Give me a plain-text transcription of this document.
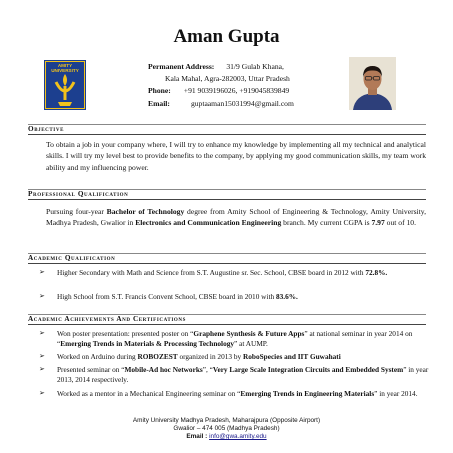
Aman Gupta
AMITY UNIVERSITY	Permanent Address: 31/9 Gulab Khana,
Kala Mahal, Agra-282003, Uttar Pradesh
Phone: +91 9039196026, +919045839849
Email:	guptaaman15031994@gmail.com
Objective
To obtain a job in your company where, I will try to enhance my knowledge by implementing all my technical and analytical skills. I will try my level best to provide benefits to the company, by applying my good communication skills, my team work ability and my influencing power.
Professional Qualification
Pursuing four-year Bachelor of Technology degree from Amity School of Engineering & Technology, Amity University, Madhya Pradesh, Gwalior in Electronics and Communication Engineering branch. My current CGPA is 7.97 out of 10.
Academic Qualification
➢ Higher Secondary with Math and Science from S.T. Augustine sr. Sec. School, CBSE board in 2012 with 72.8%.
➢ High School from S.T. Francis Convent School, CBSE board in 2010 with 83.6%.
Academic Achievements And Certifications
➢ Won poster presentation: presented poster on “Graphene Synthesis & Future Apps” at national seminar in year 2014 on “Emerging Trends in Materials & Processing Technology” at AUMP.
➢ Worked on Arduino during ROBOZEST organized in 2013 by RoboSpecies and IIT Guwahati
➢ Presented seminar on “Mobile-Ad hoc Networks”, “Very Large Scale Integration Circuits and Embedded System” in year 2013, 2014 respectively.
➢ Worked as a mentor in a Mechanical Engineering seminar on “Emerging Trends in Engineering Materials” in year 2014.
Amity University Madhya Pradesh, Maharajpura (Opposite Airport)
Gwalior – 474 005 (Madhya Pradesh)
Email : info@gwa.amity.edu
